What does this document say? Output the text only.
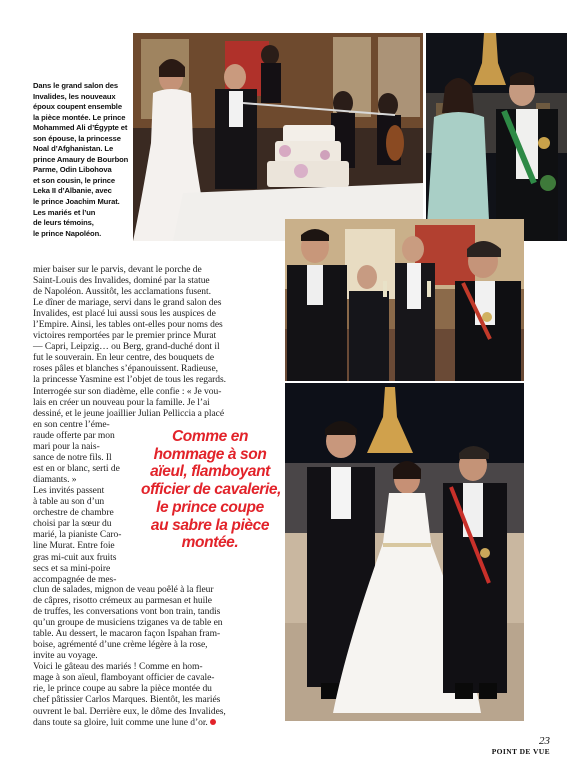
Dans le grand salon des
Invalides, les nouveaux
époux coupent ensemble
la pièce montée. Le prince
Mohammed Ali d’Égypte et
son épouse, la princesse
Noal d’Afghanistan. Le
prince Amaury de Bourbon
Parme, Odin Libohova
et son cousin, le prince
Leka II d’Albanie, avec
le prince Joachim Murat.
Les mariés et l’un
de leurs témoins,
le prince Napoléon.
mier baiser sur le parvis, devant le porche de
Saint-Louis des Invalides, dominé par la statue
de Napoléon. Aussitôt, les acclamations fusent.
Le dîner de mariage, servi dans le grand salon des
Invalides, est placé lui aussi sous les auspices de
l’Empire. Ainsi, les tables ont-elles pour noms des
victoires remportées par le premier prince Murat
— Capri, Leipzig… ou Berg, grand-duché dont il
fut le souverain. En leur centre, des bouquets de
roses pâles et blanches s’épanouissent. Radieuse,
la princesse Yasmine est l’objet de tous les regards.
Interrogée sur son diadème, elle confie : « Je vou-
lais en créer un nouveau pour la famille. Je l’ai
dessiné, et le jeune joaillier Julian Pelliccia a placé
en son centre l’éme-
raude offerte par mon
mari pour la nais-
sance de notre fils. Il
est en or blanc, serti de
diamants. »
Les invités passent
à table au son d’un
orchestre de chambre
choisi par la sœur du
marié, la pianiste Caro-
line Murat. Entre foie
gras mi-cuit aux fruits
secs et sa mini-poire
accompagnée de mes-
Comme en
hommage à son
aïeul, flamboyant
officier de cavalerie,
le prince coupe
au sabre la pièce
montée.
clun de salades, mignon de veau poêlé à la fleur
de câpres, risotto crémeux au parmesan et huile
de truffes, les conversations vont bon train, tandis
qu’un groupe de musiciens tziganes va de table en
table. Au dessert, le macaron façon Ispahan fram-
boise, agrémenté d’une crème légère à la rose,
invite au voyage.
Voici le gâteau des mariés ! Comme en hom-
mage à son aïeul, flamboyant officier de cavale-
rie, le prince coupe au sabre la pièce montée du
chef pâtissier Carlos Marques. Bientôt, les mariés
ouvrent le bal. Derrière eux, le dôme des Invalides,
dans toute sa gloire, luit comme une lune d’or.
23
POINT DE VUE
